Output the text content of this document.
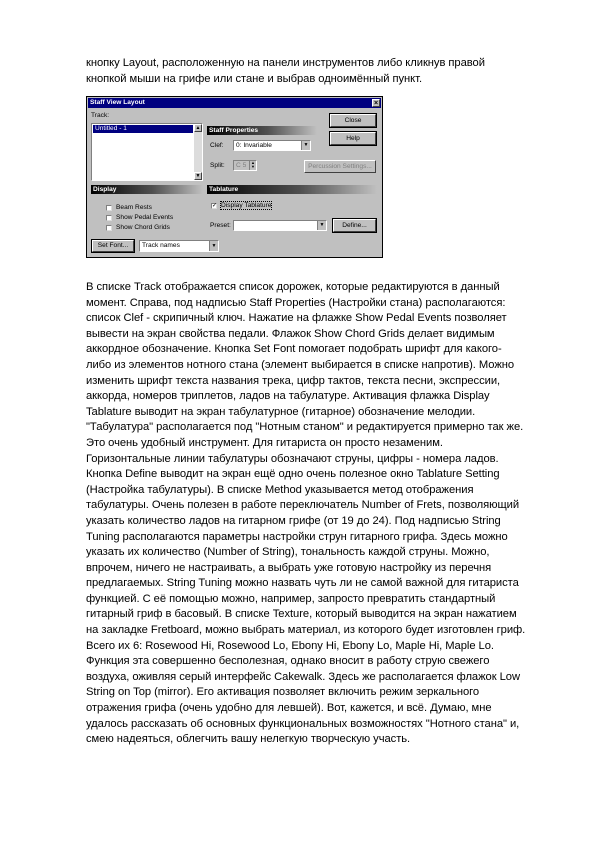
кнопку Layout, расположенную на панели инструментов либо кликнув правой кнопкой мыши на грифе или стане и выбрав одноимённый пункт.

Staff View Layout	×
Track:
Untitled - 1	▲
▼
Staff Properties
Clef:	0: Invariable	▼
Split:	C 5	▲
▼
Close
Help
Percussion Settings...
Display
Beam Rests
Show Pedal Events
Show Chord Grids
Set Font...	Track names	▼
Tablature
✓ Display Tablature
Preset:	▼	Define...

В списке Track отображается список дорожек, которые редактируются в данный момент. Справа, под надписью Staff Properties (Настройки стана) располагаются: список Clef - скрипичный ключ. Нажатие на флажке Show Pedal Events позволяет вывести на экран свойства педали. Флажок Show Chord Grids делает видимым аккордное обозначение. Кнопка Set Font помогает подобрать шрифт для какого-либо из элементов нотного стана (элемент выбирается в списке напротив). Можно изменить шрифт текста названия трека, цифр тактов, текста песни, экспрессии, аккорда, номеров триплетов, ладов на табулатуре. Активация флажка Display Tablature выводит на экран табулатурное (гитарное) обозначение мелодии. "Табулатура" располагается под "Нотным станом" и редактируется примерно так же. Это очень удобный инструмент. Для гитариста он просто незаменим. Горизонтальные линии табулатуры обозначают струны, цифры - номера ладов. Кнопка Define выводит на экран ещё одно очень полезное окно Tablature Setting (Настройка табулатуры). В списке Method указывается метод отображения табулатуры. Очень полезен в работе переключатель Number of Frets, позволяющий указать количество ладов на гитарном грифе (от 19 до 24). Под надписью String Tuning располагаются параметры настройки струн гитарного грифа. Здесь можно указать их количество (Number of String), тональность каждой струны. Можно, впрочем, ничего не настраивать, а выбрать уже готовую настройку из перечня предлагаемых. String Tuning можно назвать чуть ли не самой важной для гитариста функцией. С её помощью можно, например, запросто превратить стандартный гитарный гриф в басовый. В списке Texture, который выводится на экран нажатием на закладке Fretboard, можно выбрать материал, из которого будет изготовлен гриф. Всего их 6: Rosewood Hi, Rosewood Lo, Ebony Hi, Ebony Lo, Maple Hi, Maple Lo. Функция эта совершенно бесполезная, однако вносит в работу струю свежего воздуха, оживляя серый интерфейс Cakewalk. Здесь же располагается флажок Low String on Top (mirror). Его активация позволяет включить режим зеркального отражения грифа (очень удобно для левшей). Вот, кажется, и всё. Думаю, мне удалось рассказать об основных функциональных возможностях "Нотного стана" и, смею надеяться, облегчить вашу нелегкую творческую участь.
